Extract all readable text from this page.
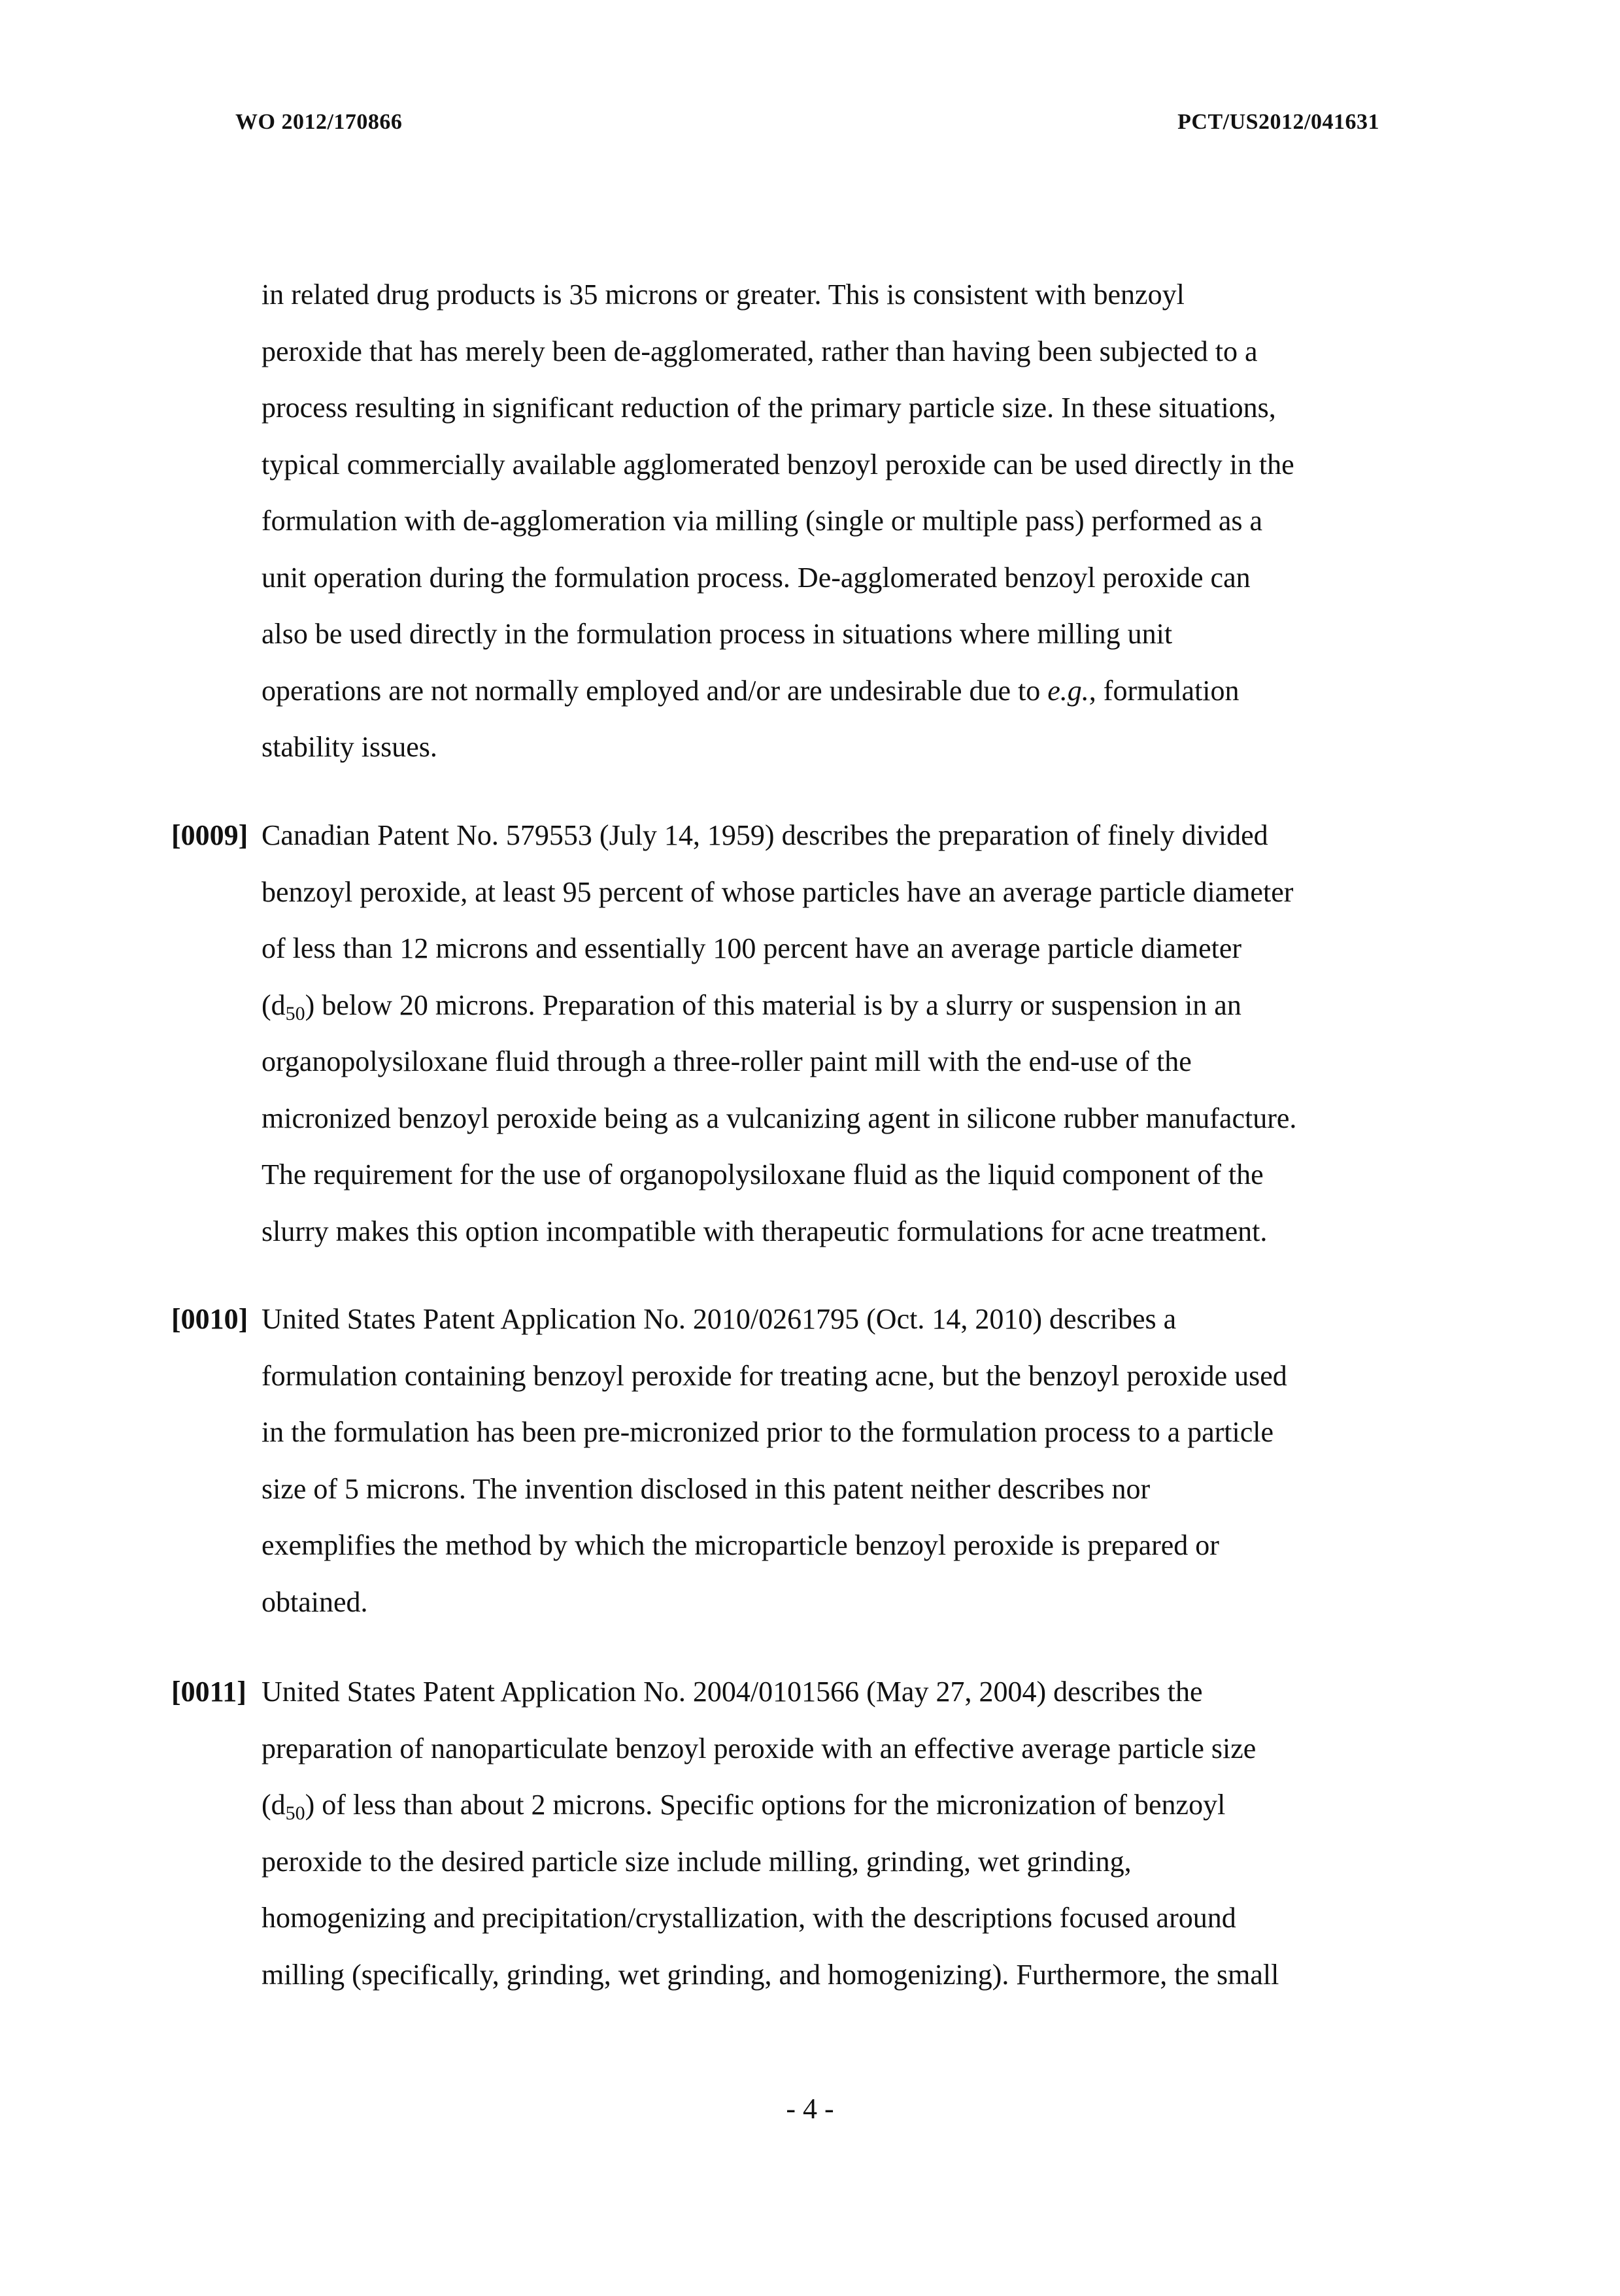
WO 2012/170866	PCT/US2012/041631
in related drug products is 35 microns or greater. This is consistent with benzoyl
peroxide that has merely been de-agglomerated, rather than having been subjected to a
process resulting in significant reduction of the primary particle size. In these situations,
typical commercially available agglomerated benzoyl peroxide can be used directly in the
formulation with de-agglomeration via milling (single or multiple pass) performed as a
unit operation during the formulation process. De-agglomerated benzoyl peroxide can
also be used directly in the formulation process in situations where milling unit
operations are not normally employed and/or are undesirable due to e.g., formulation
stability issues.
[0009] Canadian Patent No. 579553 (July 14, 1959) describes the preparation of finely divided
benzoyl peroxide, at least 95 percent of whose particles have an average particle diameter
of less than 12 microns and essentially 100 percent have an average particle diameter
$(d_{50})$ below 20 microns. Preparation of this material is by a slurry or suspension in an
organopolysiloxane fluid through a three-roller paint mill with the end-use of the
micronized benzoyl peroxide being as a vulcanizing agent in silicone rubber manufacture.
The requirement for the use of organopolysiloxane fluid as the liquid component of the
slurry makes this option incompatible with therapeutic formulations for acne treatment.
[0010] United States Patent Application No. 2010/0261795 (Oct. 14, 2010) describes a
formulation containing benzoyl peroxide for treating acne, but the benzoyl peroxide used
in the formulation has been pre-micronized prior to the formulation process to a particle
size of 5 microns. The invention disclosed in this patent neither describes nor
exemplifies the method by which the microparticle benzoyl peroxide is prepared or
obtained.
[0011] United States Patent Application No. 2004/0101566 (May 27, 2004) describes the
preparation of nanoparticulate benzoyl peroxide with an effective average particle size
$(d_{50})$ of less than about 2 microns. Specific options for the micronization of benzoyl
peroxide to the desired particle size include milling, grinding, wet grinding,
homogenizing and precipitation/crystallization, with the descriptions focused around
milling (specifically, grinding, wet grinding, and homogenizing). Furthermore, the small
- 4 -
